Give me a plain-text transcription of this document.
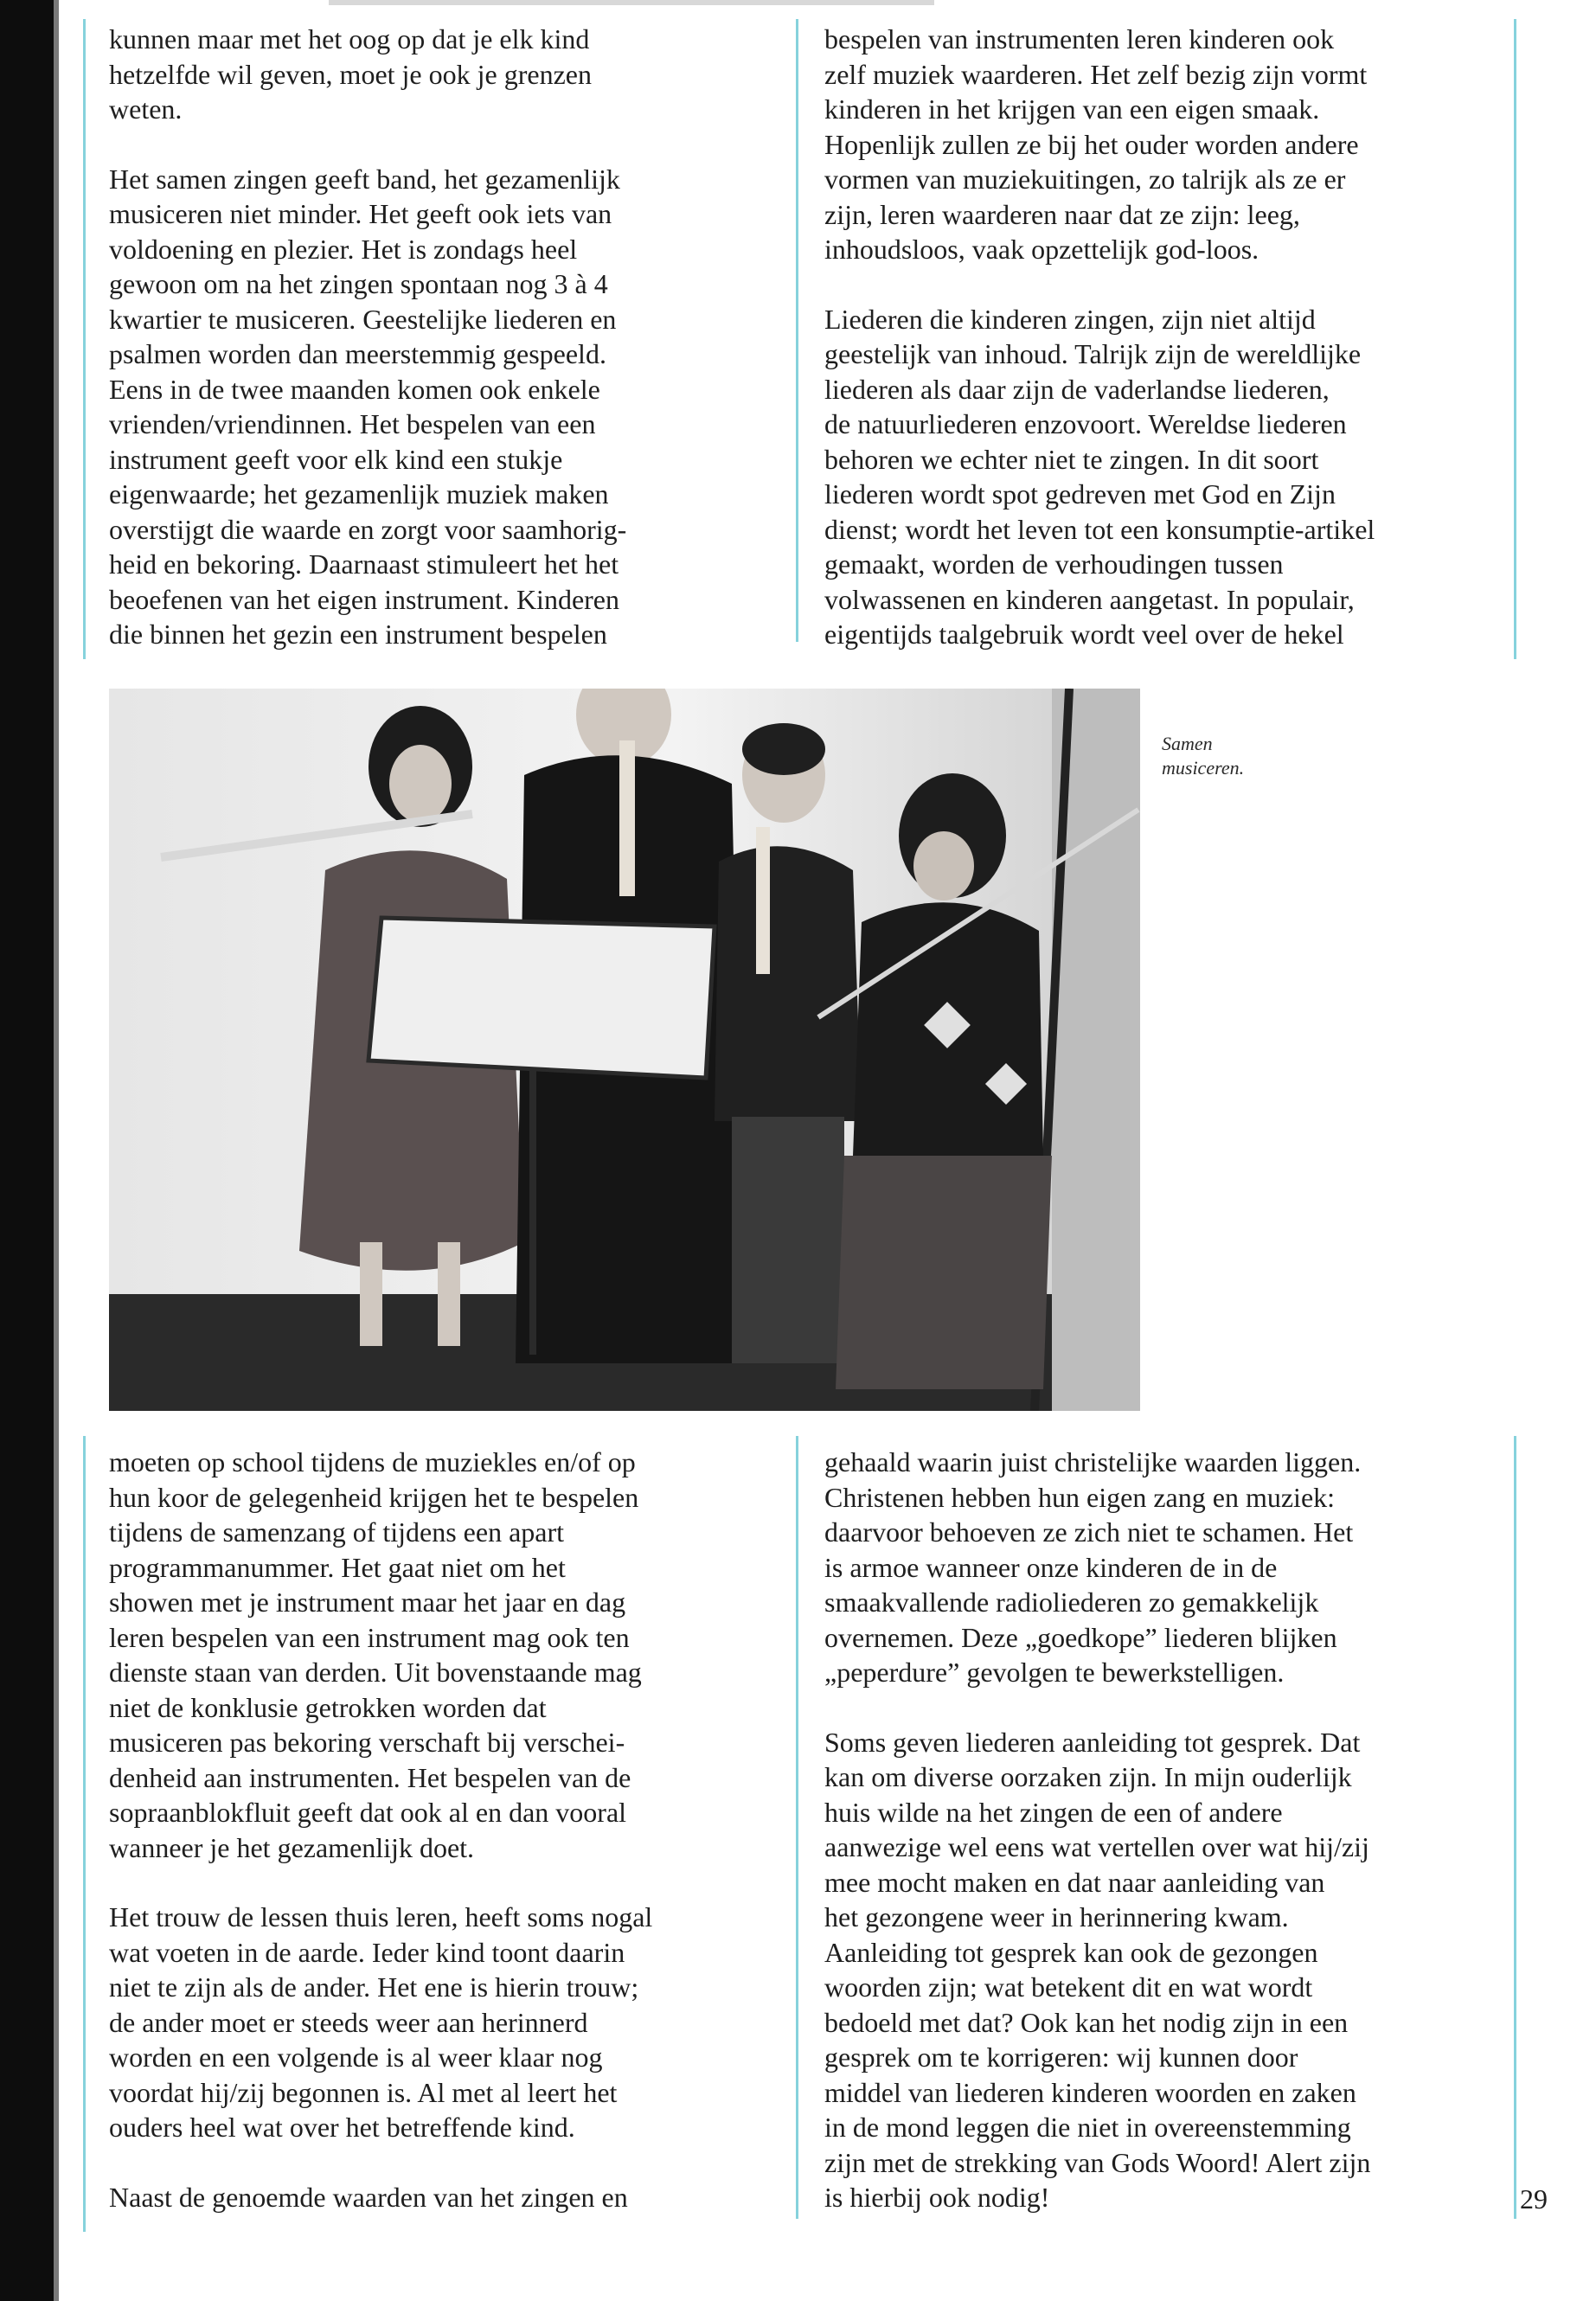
kunnen maar met het oog op dat je elk kind
hetzelfde wil geven, moet je ook je grenzen
weten.

Het samen zingen geeft band, het gezamenlijk
musiceren niet minder. Het geeft ook iets van
voldoening en plezier. Het is zondags heel
gewoon om na het zingen spontaan nog 3 à 4
kwartier te musiceren. Geestelijke liederen en
psalmen worden dan meerstemmig gespeeld.
Eens in de twee maanden komen ook enkele
vrienden/vriendinnen. Het bespelen van een
instrument geeft voor elk kind een stukje
eigenwaarde; het gezamenlijk muziek maken
overstijgt die waarde en zorgt voor saamhorig-
heid en bekoring. Daarnaast stimuleert het het
beoefenen van het eigen instrument. Kinderen
die binnen het gezin een instrument bespelen

bespelen van instrumenten leren kinderen ook
zelf muziek waarderen. Het zelf bezig zijn vormt
kinderen in het krijgen van een eigen smaak.
Hopenlijk zullen ze bij het ouder worden andere
vormen van muziekuitingen, zo talrijk als ze er
zijn, leren waarderen naar dat ze zijn: leeg,
inhoudsloos, vaak opzettelijk god-loos.

Liederen die kinderen zingen, zijn niet altijd
geestelijk van inhoud. Talrijk zijn de wereldlijke
liederen als daar zijn de vaderlandse liederen,
de natuurliederen enzovoort. Wereldse liederen
behoren we echter niet te zingen. In dit soort
liederen wordt spot gedreven met God en Zijn
dienst; wordt het leven tot een konsumptie-artikel
gemaakt, worden de verhoudingen tussen
volwassenen en kinderen aangetast. In populair,
eigentijds taalgebruik wordt veel over de hekel

Samen
musiceren.

moeten op school tijdens de muziekles en/of op
hun koor de gelegenheid krijgen het te bespelen
tijdens de samenzang of tijdens een apart
programmanummer. Het gaat niet om het
showen met je instrument maar het jaar en dag
leren bespelen van een instrument mag ook ten
dienste staan van derden. Uit bovenstaande mag
niet de konklusie getrokken worden dat
musiceren pas bekoring verschaft bij verschei-
denheid aan instrumenten. Het bespelen van de
sopraanblokfluit geeft dat ook al en dan vooral
wanneer je het gezamenlijk doet.

Het trouw de lessen thuis leren, heeft soms nogal
wat voeten in de aarde. Ieder kind toont daarin
niet te zijn als de ander. Het ene is hierin trouw;
de ander moet er steeds weer aan herinnerd
worden en een volgende is al weer klaar nog
voordat hij/zij begonnen is. Al met al leert het
ouders heel wat over het betreffende kind.

Naast de genoemde waarden van het zingen en

gehaald waarin juist christelijke waarden liggen.
Christenen hebben hun eigen zang en muziek:
daarvoor behoeven ze zich niet te schamen. Het
is armoe wanneer onze kinderen de in de
smaakvallende radioliederen zo gemakkelijk
overnemen. Deze „goedkope” liederen blijken
„peperdure” gevolgen te bewerkstelligen.

Soms geven liederen aanleiding tot gesprek. Dat
kan om diverse oorzaken zijn. In mijn ouderlijk
huis wilde na het zingen de een of andere
aanwezige wel eens wat vertellen over wat hij/zij
mee mocht maken en dat naar aanleiding van
het gezongene weer in herinnering kwam.
Aanleiding tot gesprek kan ook de gezongen
woorden zijn; wat betekent dit en wat wordt
bedoeld met dat? Ook kan het nodig zijn in een
gesprek om te korrigeren: wij kunnen door
middel van liederen kinderen woorden en zaken
in de mond leggen die niet in overeenstemming
zijn met de strekking van Gods Woord! Alert zijn
is hierbij ook nodig!	29
